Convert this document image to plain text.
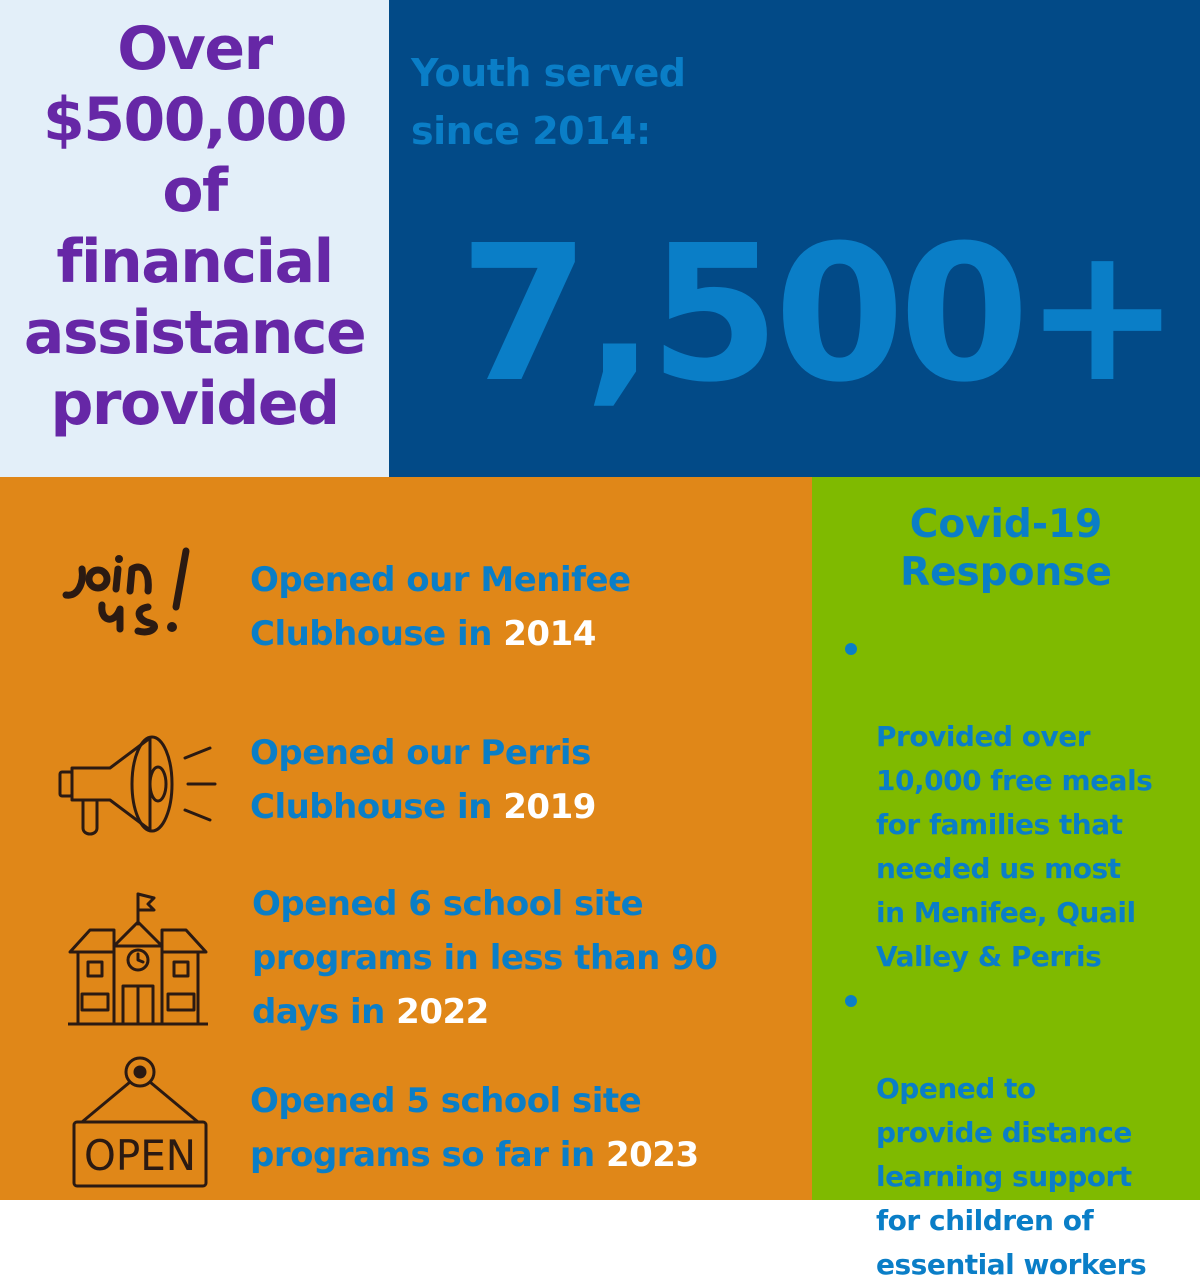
Over
$500,000
of
financial
assistance
provided
Youth served
since 2014:
7,500+
Opened our Menifee
Clubhouse in 2014
Opened our Perris
Clubhouse in 2019
Opened 6 school site
programs in less than 90
days in 2022
OPEN
Opened 5 school site
programs so far in 2023
Covid-19
Response

Provided over
10,000 free meals
for families that
needed us most
in Menifee, Quail
Valley & Perris

Opened to
provide distance
learning support
for children of
essential workers
